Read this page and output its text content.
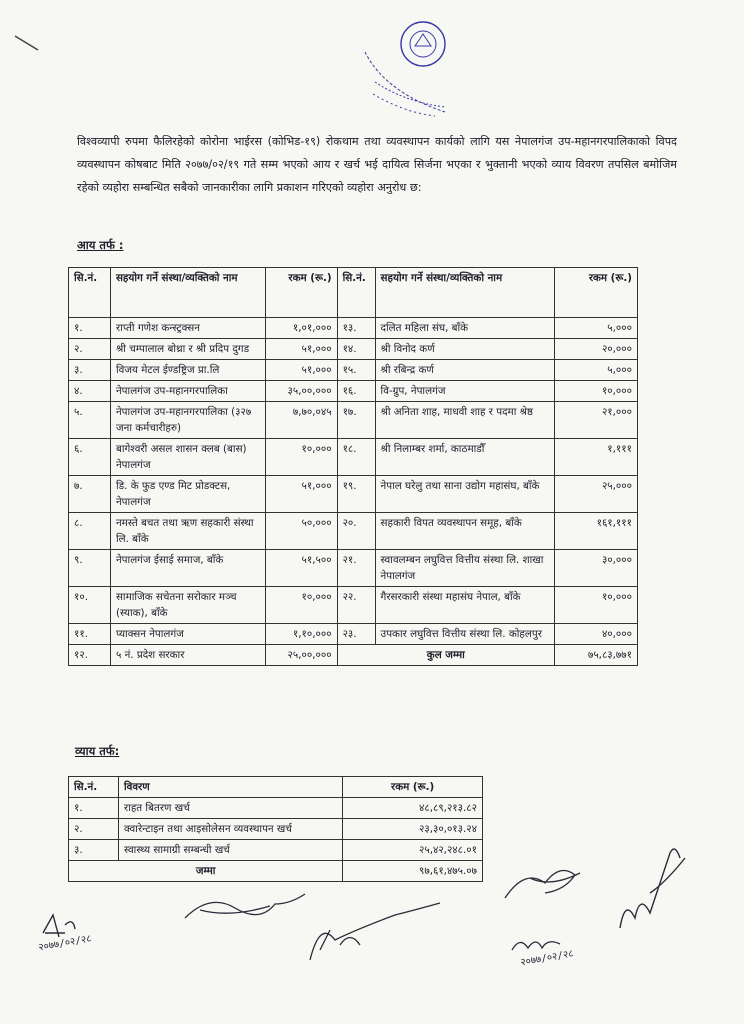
विश्वव्यापी रुपमा फैलिरहेको कोरोना भाईरस (कोभिड-१९) रोकथाम तथा व्यवस्थापन कार्यको लागि यस नेपालगंज उप-महानगरपालिकाको विपद व्यवस्थापन कोषबाट मिति २०७७/०२/१९ गते सम्म भएको आय र खर्च भई दायित्व सिर्जना भएका र भुक्तानी भएको व्याय विवरण तपसिल बमोजिम रहेको व्यहोरा सम्बन्धित सबैको जानकारीका लागि प्रकाशन गरिएको व्यहोरा अनुरोध छ:

आय तर्फ :
सि.नं.	सहयोग गर्ने संस्था/व्यक्तिको नाम	रकम (रू.)	सि.नं.	सहयोग गर्ने संस्था/व्यक्तिको नाम	रकम (रू.)
१.	राप्ती गणेश कन्स्ट्रक्सन	१,०१,०००	१३.	दलित महिला संघ, बाँके	५,०००
२.	श्री चम्पालाल बोथ्रा र श्री प्रदिप दुगड	५१,०००	१४.	श्री विनोद कर्ण	२०,०००
३.	विजय मेटल ईण्डष्ट्रिज प्रा.लि	५१,०००	१५.	श्री रबिन्द्र कर्ण	५,०००
४.	नेपालगंज उप-महानगरपालिका	३५,००,०००	१६.	वि-ग्रुप, नेपालगंज	१०,०००
५.	नेपालगंज उप-महानगरपालिका (३२७ जना कर्मचारीहरु)	७,७०,०४५	१७.	श्री अनिता शाह, माधवी शाह र पदमा श्रेष्ठ	२१,०००
६.	बागेश्वरी असल शासन क्लब (बास) नेपालगंज	१०,०००	१८.	श्री निलाम्बर शर्मा, काठमाडौँ	१,१११
७.	डि. के फुड एण्ड मिट प्रोडक्टस, नेपालगंज	५१,०००	१९.	नेपाल घरेलु तथा साना उद्योग महासंघ, बाँके	२५,०००
८.	नमस्ते बचत तथा ऋण सहकारी संस्था लि. बाँके	५०,०००	२०.	सहकारी विपत व्यवस्थापन समूह, बाँके	१६१,१११
९.	नेपालगंज ईसाई समाज, बाँके	५१,५००	२१.	स्वावलम्बन लघुवित्त वित्तीय संस्था लि. शाखा नेपालगंज	३०,०००
१०.	सामाजिक सचेतना सरोकार मञ्च (स्याक), बाँके	१०,०००	२२.	गैरसरकारी संस्था महासंघ नेपाल, बाँके	१०,०००
११.	प्याक्सन नेपालगंज	१,१०,०००	२३.	उपकार लघुवित्त वित्तीय संस्था लि. कोहलपुर	४०,०००
१२.	५ नं. प्रदेश सरकार	२५,००,०००	कुल जम्मा		७५,८३,७७१
व्याय तर्फ:
सि.नं.	विवरण	रकम (रू.)
१.	राहत बितरण खर्च	४८,८९,२१३.८२
२.	क्वारेन्टाइन तथा आइसोलेसन व्यवस्थापन खर्च	२३,३०,०१३.२४
३.	स्वास्थ्य सामाग्री सम्बन्धी खर्च	२५,४२,२४८.०१
जम्मा		९७,६१,४७५.०७
२०७७/०२/२८
२०७७/०२/२८
